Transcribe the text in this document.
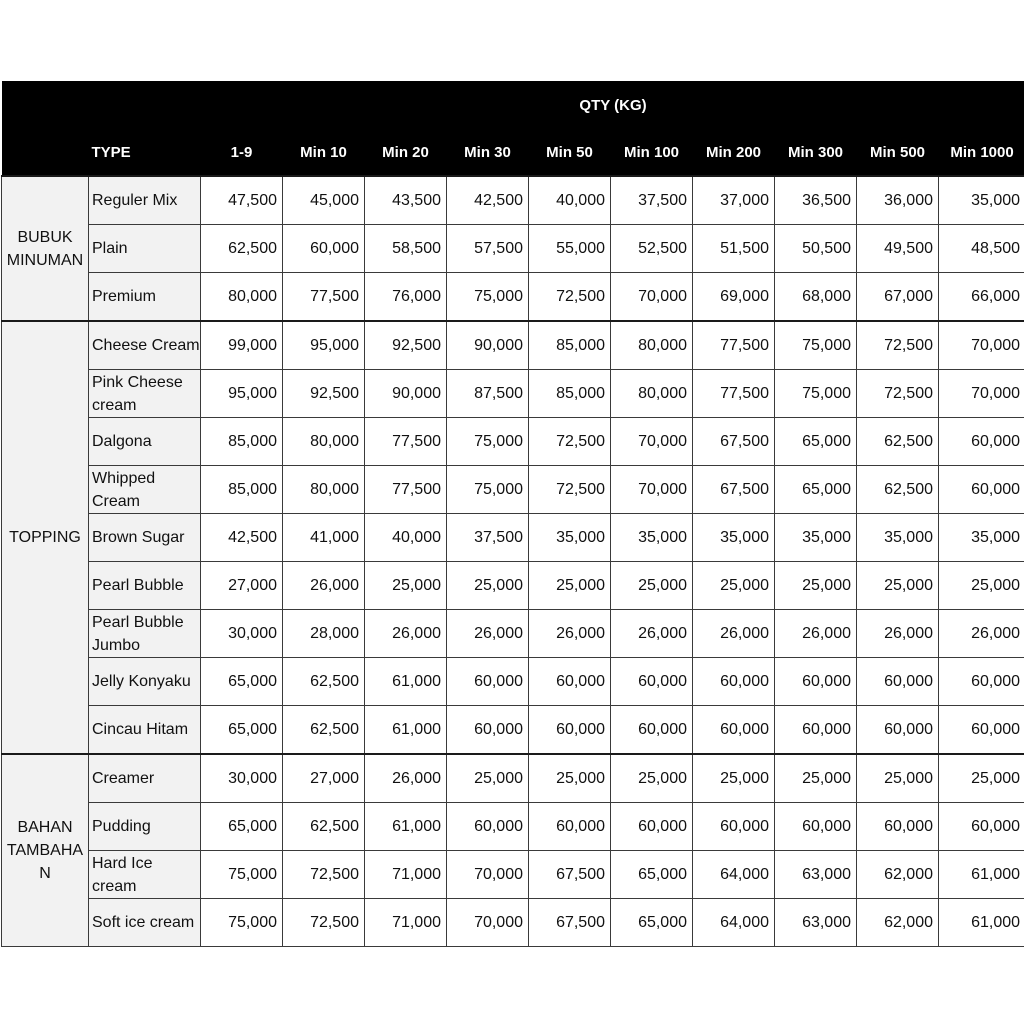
		QTY (KG)									
	TYPE	1-9	Min 10	Min 20	Min 30	Min 50	Min 100	Min 200	Min 300	Min 500	Min 1000
BUBUK MINUMAN	Reguler Mix	47,500	45,000	43,500	42,500	40,000	37,500	37,000	36,500	36,000	35,000
	Plain	62,500	60,000	58,500	57,500	55,000	52,500	51,500	50,500	49,500	48,500
	Premium	80,000	77,500	76,000	75,000	72,500	70,000	69,000	68,000	67,000	66,000
TOPPING	Cheese Cream	99,000	95,000	92,500	90,000	85,000	80,000	77,500	75,000	72,500	70,000
	Pink Cheese cream	95,000	92,500	90,000	87,500	85,000	80,000	77,500	75,000	72,500	70,000
	Dalgona	85,000	80,000	77,500	75,000	72,500	70,000	67,500	65,000	62,500	60,000
	Whipped Cream	85,000	80,000	77,500	75,000	72,500	70,000	67,500	65,000	62,500	60,000
	Brown Sugar	42,500	41,000	40,000	37,500	35,000	35,000	35,000	35,000	35,000	35,000
	Pearl Bubble	27,000	26,000	25,000	25,000	25,000	25,000	25,000	25,000	25,000	25,000
	Pearl Bubble Jumbo	30,000	28,000	26,000	26,000	26,000	26,000	26,000	26,000	26,000	26,000
	Jelly Konyaku	65,000	62,500	61,000	60,000	60,000	60,000	60,000	60,000	60,000	60,000
	Cincau Hitam	65,000	62,500	61,000	60,000	60,000	60,000	60,000	60,000	60,000	60,000
BAHAN TAMBAHA N	Creamer	30,000	27,000	26,000	25,000	25,000	25,000	25,000	25,000	25,000	25,000
	Pudding	65,000	62,500	61,000	60,000	60,000	60,000	60,000	60,000	60,000	60,000
	Hard Ice cream	75,000	72,500	71,000	70,000	67,500	65,000	64,000	63,000	62,000	61,000
	Soft ice cream	75,000	72,500	71,000	70,000	67,500	65,000	64,000	63,000	62,000	61,000
